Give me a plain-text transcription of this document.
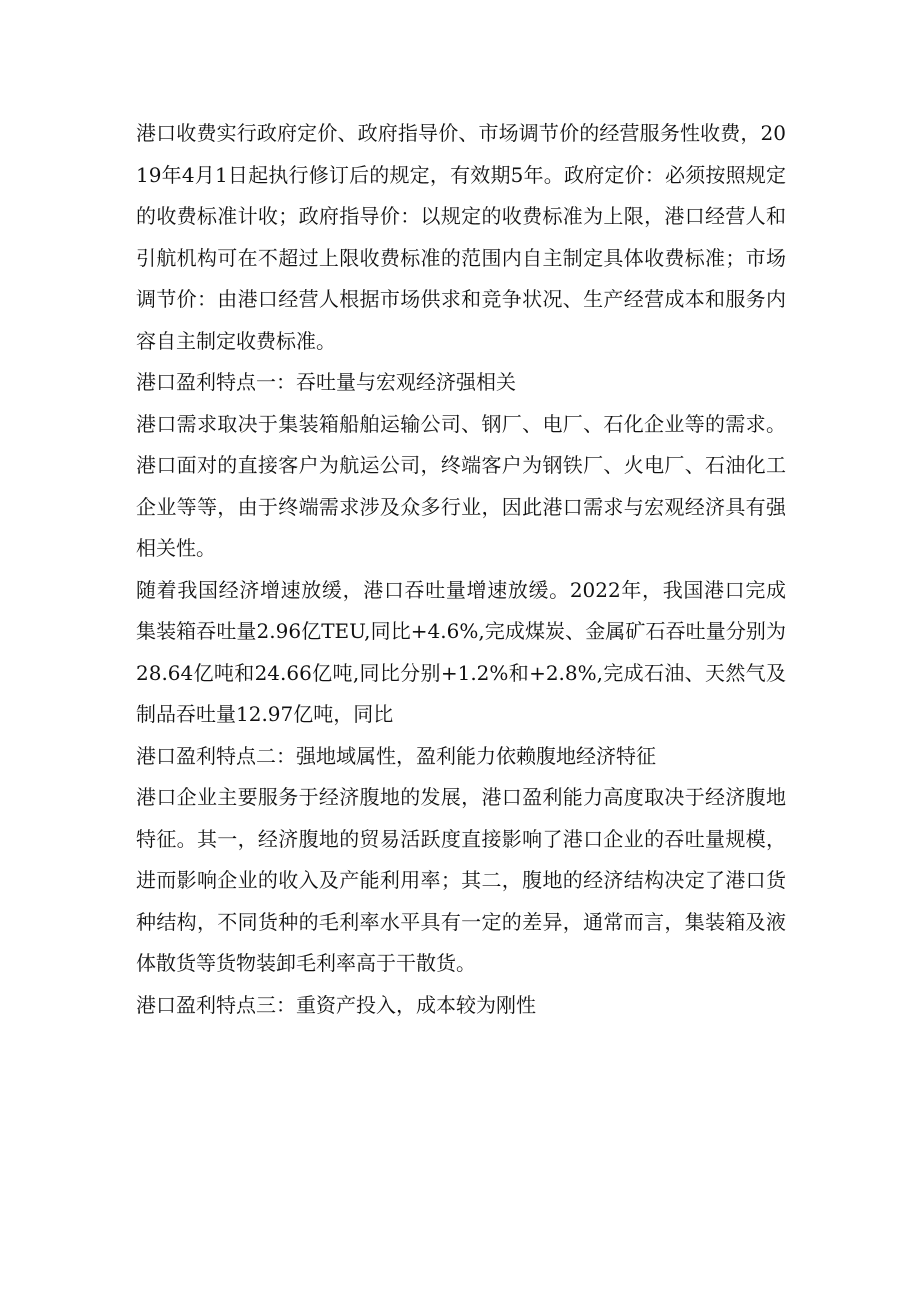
港口收费实行政府定价、政府指导价、市场调节价的经营服务性收费，2019年4月1日起执行修订后的规定，有效期5年。政府定价：必须按照规定的收费标准计收；政府指导价：以规定的收费标准为上限，港口经营人和引航机构可在不超过上限收费标准的范围内自主制定具体收费标准；市场调节价：由港口经营人根据市场供求和竞争状况、生产经营成本和服务内容自主制定收费标准。

港口盈利特点一：吞吐量与宏观经济强相关

港口需求取决于集装箱船舶运输公司、钢厂、电厂、石化企业等的需求。港口面对的直接客户为航运公司，终端客户为钢铁厂、火电厂、石油化工企业等等，由于终端需求涉及众多行业，因此港口需求与宏观经济具有强相关性。

随着我国经济增速放缓，港口吞吐量增速放缓。2022年，我国港口完成集装箱吞吐量2.96亿TEU,同比+4.6%,完成煤炭、金属矿石吞吐量分别为28.64亿吨和24.66亿吨,同比分别+1.2%和+2.8%,完成石油、天然气及制品吞吐量12.97亿吨，同比

港口盈利特点二：强地域属性，盈利能力依赖腹地经济特征

港口企业主要服务于经济腹地的发展，港口盈利能力高度取决于经济腹地特征。其一，经济腹地的贸易活跃度直接影响了港口企业的吞吐量规模，进而影响企业的收入及产能利用率；其二，腹地的经济结构决定了港口货种结构，不同货种的毛利率水平具有一定的差异，通常而言，集装箱及液体散货等货物装卸毛利率高于干散货。

港口盈利特点三：重资产投入，成本较为刚性
